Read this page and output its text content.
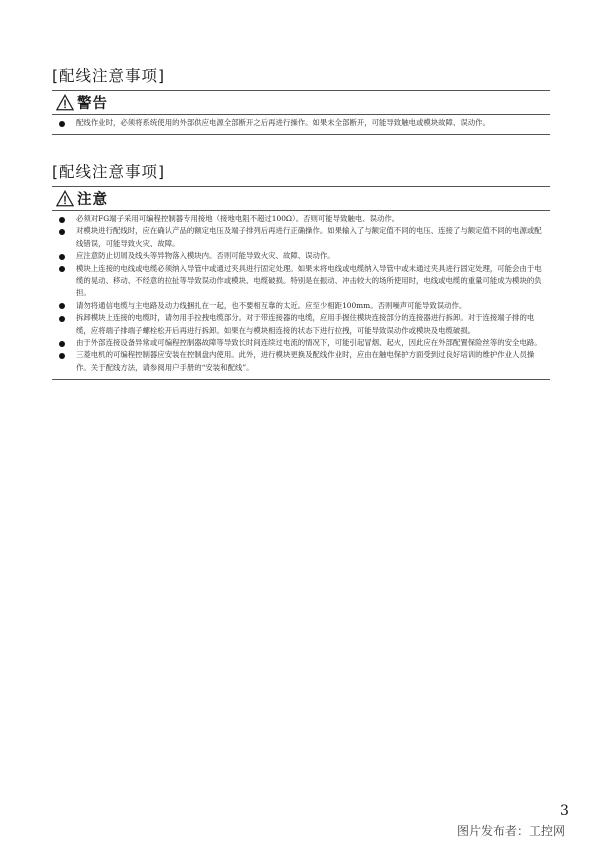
[配线注意事项]
警告
配线作业时，必须将系统使用的外部供应电源全部断开之后再进行操作。如果未全部断开，可能导致触电或模块故障、误动作。
[配线注意事项]
注意
必须对FG端子采用可编程控制器专用接地（接地电阻不超过100Ω）。否则可能导致触电、误动作。
对模块进行配线时，应在确认产品的额定电压及端子排列后再进行正确操作。如果输入了与额定值不同的电压、连接了与额定值不同的电源或配线错误，可能导致火灾、故障。
应注意防止切屑及线头等异物落入模块内。否则可能导致火灾、故障、误动作。
模块上连接的电线或电缆必须纳入导管中或通过夹具进行固定处理。如果未将电线或电缆纳入导管中或未通过夹具进行固定处理，可能会由于电缆的晃动、移动、不经意的拉扯等导致误动作或模块、电缆破损。特别是在振动、冲击较大的场所使用时，电线或电缆的重量可能成为模块的负担。
请勿将通信电缆与主电路及动力线捆扎在一起，也不要相互靠的太近。应至少相距100mm。否则噪声可能导致误动作。
拆卸模块上连接的电缆时，请勿用手拉拽电缆部分。对于带连接器的电缆，应用手握住模块连接部分的连接器进行拆卸。对于连接端子排的电缆，应将端子排端子螺栓松开后再进行拆卸。如果在与模块相连接的状态下进行拉拽，可能导致误动作或模块及电缆破损。
由于外部连接设备异常或可编程控制器故障等导致长时间连续过电流的情况下，可能引起冒烟、起火，因此应在外部配置保险丝等的安全电路。
三菱电机的可编程控制器应安装在控制盘内使用。此外，进行模块更换及配线作业时，应由在触电保护方面受到过良好培训的维护作业人员操作。关于配线方法，请参阅用户手册的“安装和配线”。
3
图片发布者：工控网
